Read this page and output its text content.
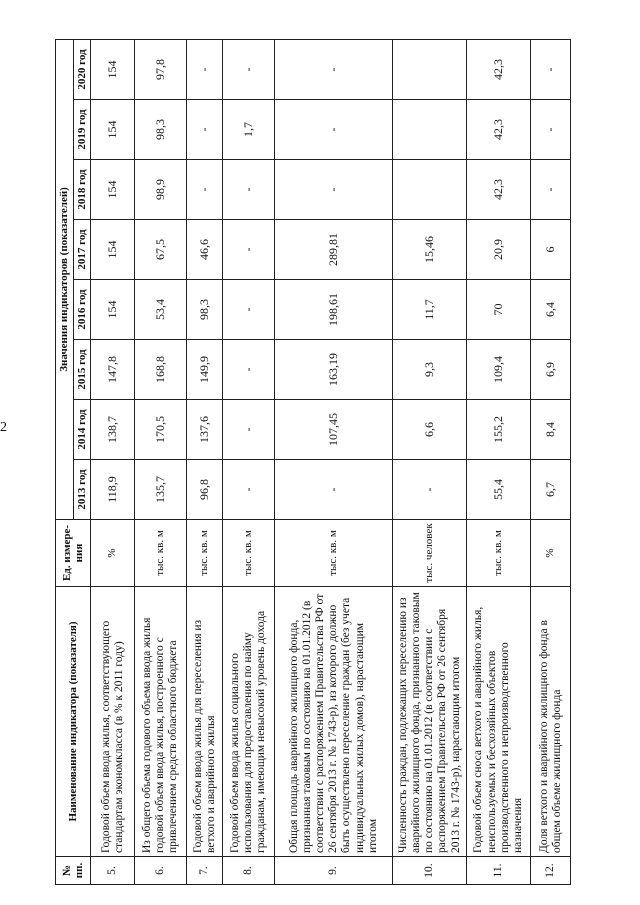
2
№ пп.	Наименование индикатора (показателя)	Ед. измере-ния	Значения индикаторов (показателей)							
			2013 год	2014 год	2015 год	2016 год	2017 год	2018 год	2019 год	2020 год
5.	Годовой объем ввода жилья, соответствующего стандартам экономкласса (в % к 2011 году)	%	118,9	138,7	147,8	154	154	154	154	154
6.	Из общего объема годового объема ввода жилья годовой объем ввода жилья, построенного с привлечением средств областного бюджета	тыс. кв. м	135,7	170,5	168,8	53,4	67,5	98,9	98,3	97,8
7.	Годовой объем ввода жилья для переселения из ветхого и аварийного жилья	тыс. кв. м	96,8	137,6	149,9	98,3	46,6	-	-	-
8.	Годовой объем ввода жилья социального использования для предоставления по найму гражданам, имеющим невысокий уровень дохода	тыс. кв. м	-	-	-	-	-	-	1,7	-
9.	Общая площадь аварийного жилищного фонда, признанная таковым по состоянию на 01.01.2012 (в соответствии с распоряжением Правительства РФ от 26 сентября 2013 г. № 1743-р), из которого должно быть осуществлено переселение граждан (без учета индивидуальных жилых домов), нарастающим итогом	тыс. кв. м	-	107,45	163,19	198,61	289,81	-	-	-
10.	Численность граждан, подлежащих переселению из аварийного жилищного фонда, признанного таковым по состоянию на 01.01.2012 (в соответствии с распоряжением Правительства РФ от 26 сентября 2013 г. № 1743-р), нарастающим итогом	тыс. человек	-	6,6	9,3	11,7	15,46			
11.	Годовой объем сноса ветхого и аварийного жилья, неиспользуемых и бесхозяйных объектов производственного и непроизводственного назначения	тыс. кв. м	55,4	155,2	109,4	70	20,9	42,3	42,3	42,3
12.	Доля ветхого и аварийного жилищного фонда в общем объеме жилищного фонда	%	6,7	8,4	6,9	6,4	6	-	-	-
